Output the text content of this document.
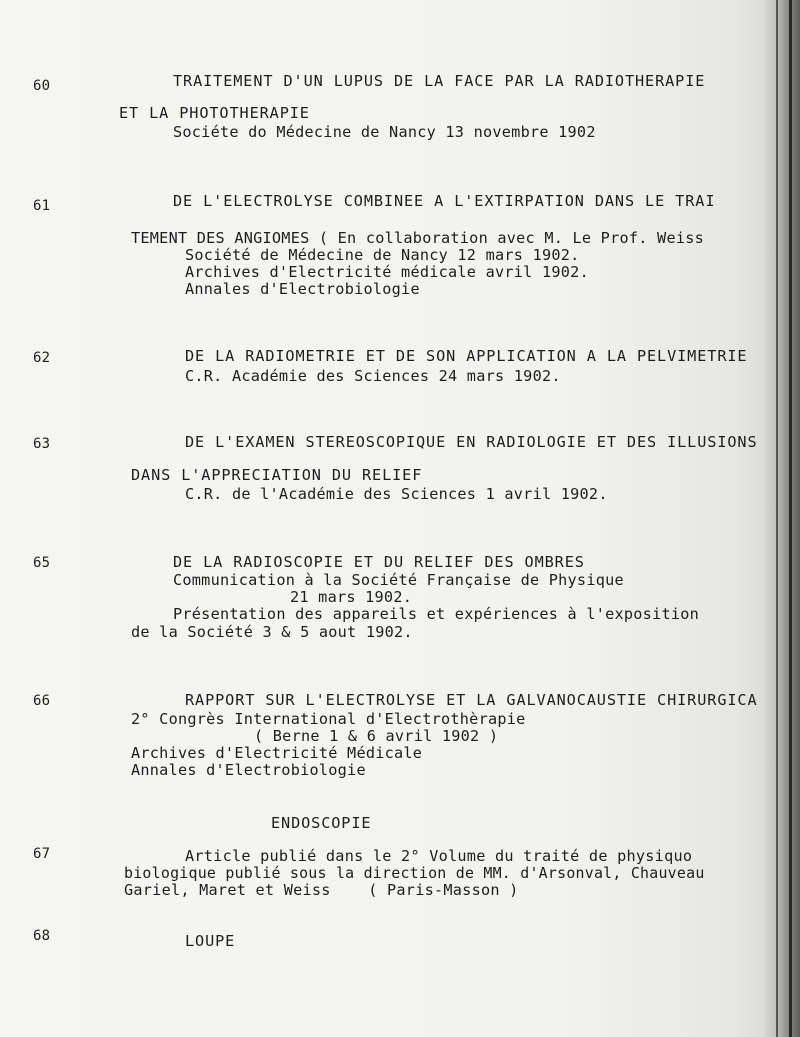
60	TRAITEMENT D'UN LUPUS DE LA FACE PAR LA RADIOTHERAPIE
ET LA PHOTOTHERAPIE
Sociéte do Médecine de Nancy 13 novembre 1902
61	DE L'ELECTROLYSE COMBINEE A L'EXTIRPATION DANS LE TRAI
TEMENT DES ANGIOMES ( En collaboration avec M. Le Prof. Weiss
Société de Médecine de Nancy 12 mars 1902.
Archives d'Electricité médicale avril 1902.
Annales d'Electrobiologie
62	DE LA RADIOMETRIE ET DE SON APPLICATION A LA PELVIMETRIE
C.R. Académie des Sciences 24 mars 1902.
63	DE L'EXAMEN STEREOSCOPIQUE EN RADIOLOGIE ET DES ILLUSIONS
DANS L'APPRECIATION DU RELIEF
C.R. de l'Académie des Sciences 1 avril 1902.
65	DE LA RADIOSCOPIE ET DU RELIEF DES OMBRES
Communication à la Société Française de Physique
21 mars 1902.
Présentation des appareils et expériences à l'exposition
de la Société 3 & 5 aout 1902.
66	RAPPORT SUR L'ELECTROLYSE ET LA GALVANOCAUSTIE CHIRURGICA
2° Congrès International d'Electrothèrapie
( Berne 1 & 6 avril 1902 )
Archives d'Electricité Médicale
Annales d'Electrobiologie
ENDOSCOPIE
67	Article publié dans le 2° Volume du traité de physiquo
biologique publié sous la direction de MM. d'Arsonval, Chauveau
Gariel, Maret et Weiss    ( Paris-Masson )
68	LOUPE
